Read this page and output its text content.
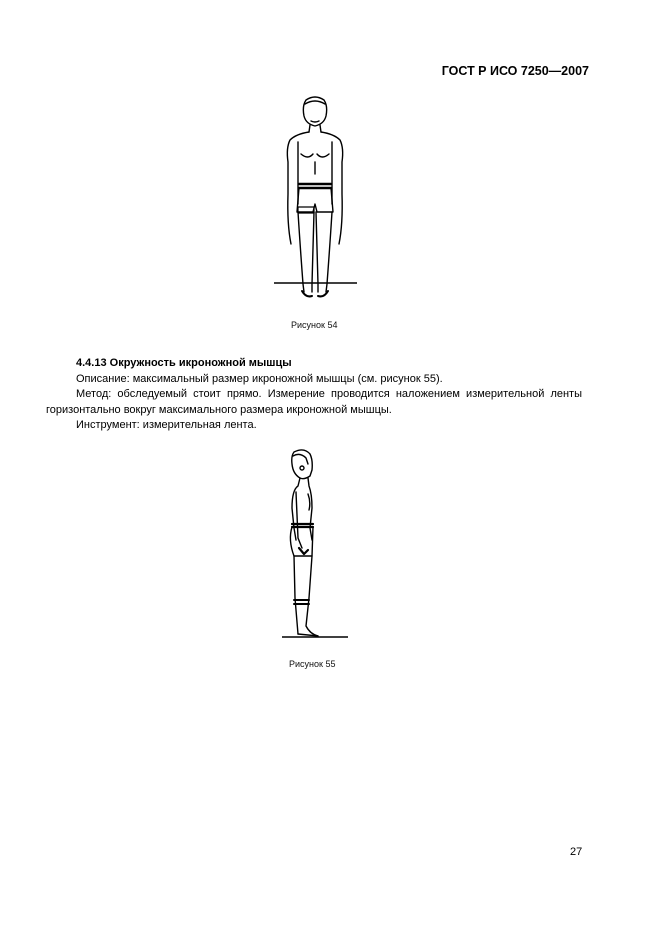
ГОСТ Р ИСО 7250—2007
Рисунок 54
4.4.13 Окружность икроножной мышцы
Описание: максимальный размер икроножной мышцы (см. рисунок 55).
Метод: обследуемый стоит прямо. Измерение проводится наложением измерительной ленты
горизонтально вокруг максимального размера икроножной мышцы.
Инструмент: измерительная лента.
Рисунок 55
27
